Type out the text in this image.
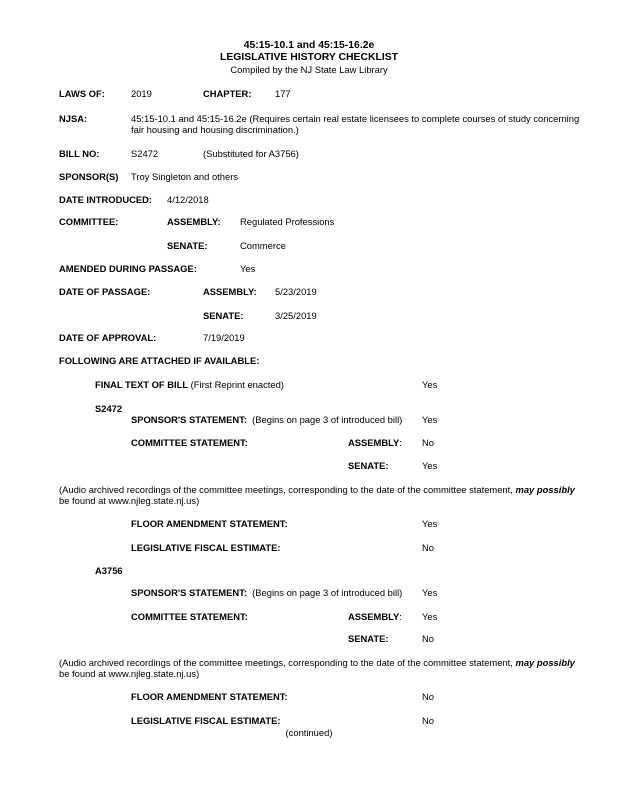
45:15-10.1 and 45:15-16.2e
LEGISLATIVE HISTORY CHECKLIST
Compiled by the NJ State Law Library
LAWS OF:	2019	CHAPTER:	177
NJSA:	45:15-10.1 and 45:15-16.2e (Requires certain real estate licensees to complete courses of study concerning
fair housing and housing discrimination.)
BILL NO:	S2472	(Substituted for A3756)
SPONSOR(S) Troy Singleton and others
DATE INTRODUCED: 4/12/2018
COMMITTEE:	ASSEMBLY: Regulated Professions
SENATE:	Commerce
AMENDED DURING PASSAGE:	Yes
DATE OF PASSAGE:	ASSEMBLY: 5/23/2019
SENATE:	3/25/2019
DATE OF APPROVAL:	7/19/2019
FOLLOWING ARE ATTACHED IF AVAILABLE:
FINAL TEXT OF BILL (First Reprint enacted)	Yes
S2472
SPONSOR'S STATEMENT: (Begins on page 3 of introduced bill) Yes
COMMITTEE STATEMENT:	ASSEMBLY: No
SENATE:	Yes
(Audio archived recordings of the committee meetings, corresponding to the date of the committee statement, may possibly
be found at www.njleg.state.nj.us)
FLOOR AMENDMENT STATEMENT:	Yes
LEGISLATIVE FISCAL ESTIMATE:	No
A3756
SPONSOR'S STATEMENT: (Begins on page 3 of introduced bill) Yes
COMMITTEE STATEMENT:	ASSEMBLY: Yes
SENATE:	No
(Audio archived recordings of the committee meetings, corresponding to the date of the committee statement, may possibly
be found at www.njleg.state.nj.us)
FLOOR AMENDMENT STATEMENT:	No
LEGISLATIVE FISCAL ESTIMATE:	No
(continued)
